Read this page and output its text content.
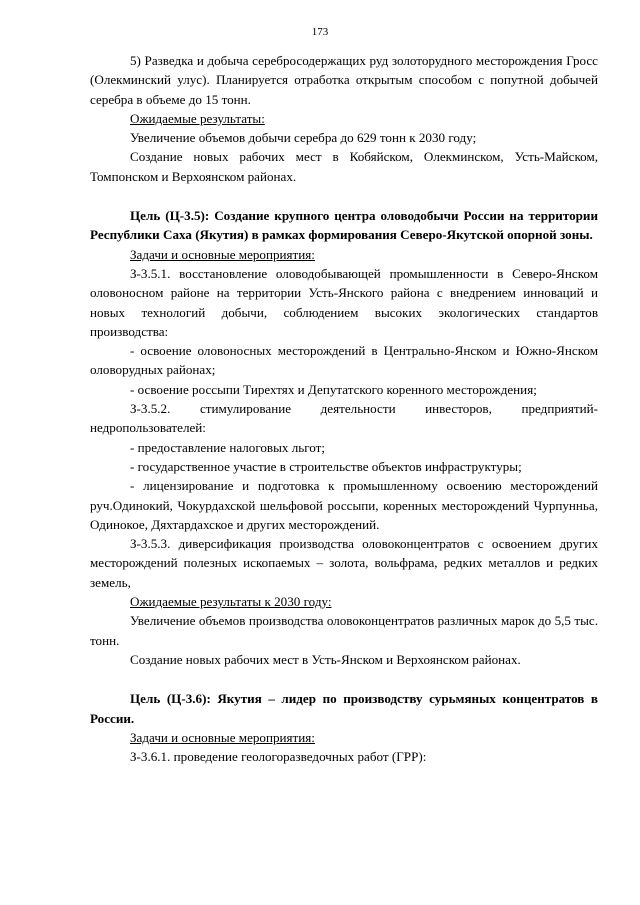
173

5) Разведка и добыча серебросодержащих руд золоторудного месторождения Гросс (Олекминский улус). Планируется отработка открытым способом с попутной добычей серебра в объеме до 15 тонн.

Ожидаемые результаты:

Увеличение объемов добычи серебра до 629 тонн к 2030 году;

Создание новых рабочих мест в Кобяйском, Олекминском, Усть-Майском, Томпонском и Верхоянском районах.

Цель (Ц-3.5): Создание крупного центра оловодобычи России на территории Республики Саха (Якутия) в рамках формирования Северо-Якутской опорной зоны.

Задачи и основные мероприятия:

З-3.5.1. восстановление оловодобывающей промышленности в Северо-Янском оловоносном районе на территории Усть-Янского района с внедрением инноваций и новых технологий добычи, соблюдением высоких экологических стандартов производства:

- освоение оловоносных месторождений в Центрально-Янском и Южно-Янском оловорудных районах;

- освоение россыпи Тирехтях и Депутатского коренного месторождения;

З-3.5.2. стимулирование деятельности инвесторов, предприятий-недропользователей:

- предоставление налоговых льгот;

- государственное участие в строительстве объектов инфраструктуры;

- лицензирование и подготовка к промышленному освоению месторождений руч.Одинокий, Чокурдахской шельфовой россыпи, коренных месторождений Чурпунньа, Одинокое, Дяхтардахское и других месторождений.

З-3.5.3. диверсификация производства оловоконцентратов с освоением других месторождений полезных ископаемых – золота, вольфрама, редких металлов и редких земель,

Ожидаемые результаты к 2030 году:

Увеличение объемов производства оловоконцентратов различных марок до 5,5 тыс. тонн.

Создание новых рабочих мест в Усть-Янском и Верхоянском районах.

Цель (Ц-3.6): Якутия – лидер по производству сурьмяных концентратов в России.

Задачи и основные мероприятия:

З-3.6.1. проведение геологоразведочных работ (ГРР):
